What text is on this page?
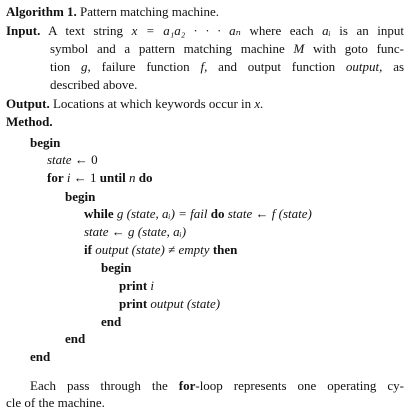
Algorithm 1. Pattern matching machine.
Input. A text string x = a₁a₂ · · · aₙ where each aᵢ is an input
symbol and a pattern matching machine M with goto func-
tion g, failure function f, and output function output, as
described above.
Output. Locations at which keywords occur in x.
Method.
begin
state ← 0
for i ← 1 until n do
begin
while g (state, aᵢ) = fail do state ← f (state)
state ← g (state, aᵢ)
if output (state) ≠ empty then
begin
print i
print output (state)
end
end
end
Each pass through the for-loop represents one operating cy-
cle of the machine.
